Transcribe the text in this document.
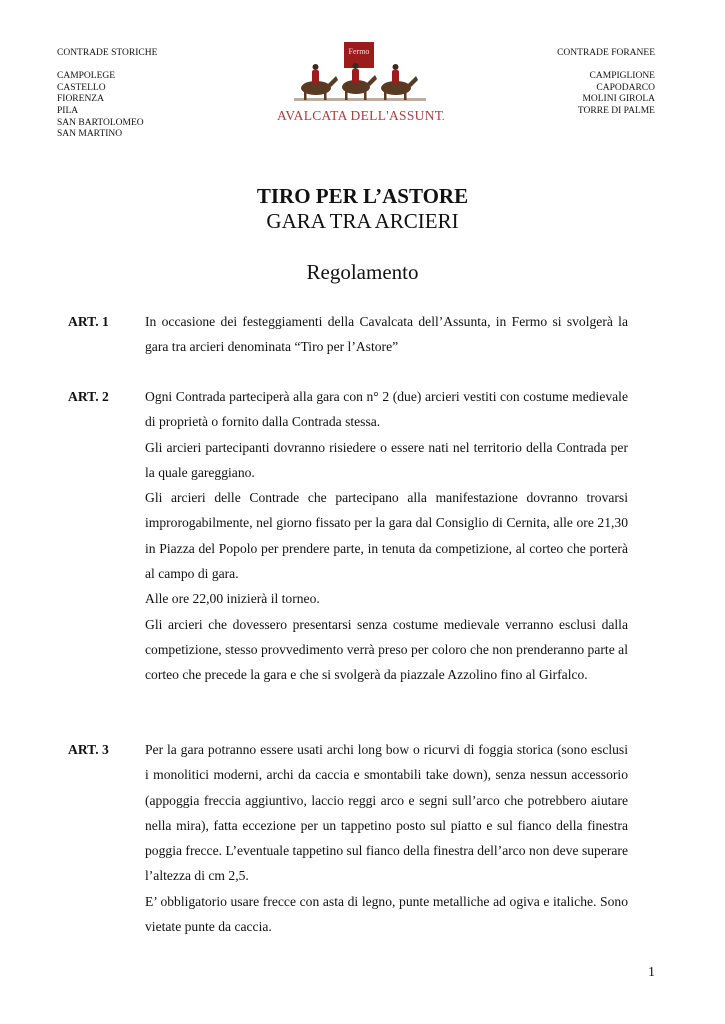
CONTRADE STORICHE
CAMPOLEGE
CASTELLO
FIORENZA
PILA
SAN BARTOLOMEO
SAN MARTINO
CONTRADE FORANEE
CAMPIGLIONE
CAPODARCO
MOLINI GIROLA
TORRE DI PALME
Fermo
CAVALCATA DELL'ASSUNTA
TIRO PER L’ASTORE
GARA TRA ARCIERI
Regolamento
ART. 1	In occasione dei festeggiamenti della Cavalcata dell’Assunta, in Fermo si svolgerà la gara tra arcieri denominata “Tiro per l’Astore”

ART. 2	Ogni Contrada parteciperà alla gara con n° 2 (due) arcieri vestiti con costume medievale di proprietà o fornito dalla Contrada stessa.

Gli arcieri partecipanti dovranno risiedere o essere nati nel territorio della Contrada per la quale gareggiano.

Gli arcieri delle Contrade che partecipano alla manifestazione dovranno trovarsi improrogabilmente, nel giorno fissato per la gara dal Consiglio di Cernita, alle ore 21,30 in Piazza del Popolo per prendere parte, in tenuta da competizione, al corteo che porterà al campo di gara.

Alle ore 22,00 inizierà il torneo.

Gli arcieri che dovessero presentarsi senza costume medievale verranno esclusi dalla competizione, stesso provvedimento verrà preso per coloro che non prenderanno parte al corteo che precede la gara e che si svolgerà da piazzale Azzolino fino al Girfalco.

ART. 3	Per la gara potranno essere usati archi long bow o ricurvi di foggia storica (sono esclusi i monolitici moderni, archi da caccia e smontabili take down), senza nessun accessorio (appoggia freccia aggiuntivo, laccio reggi arco e segni sull’arco che potrebbero aiutare nella mira), fatta eccezione per un tappetino posto sul piatto e sul fianco della finestra poggia frecce. L’eventuale tappetino sul fianco della finestra dell’arco non deve superare l’altezza di cm 2,5.

E’ obbligatorio usare frecce con asta di legno, punte metalliche ad ogiva e italiche. Sono vietate punte da caccia.

1
